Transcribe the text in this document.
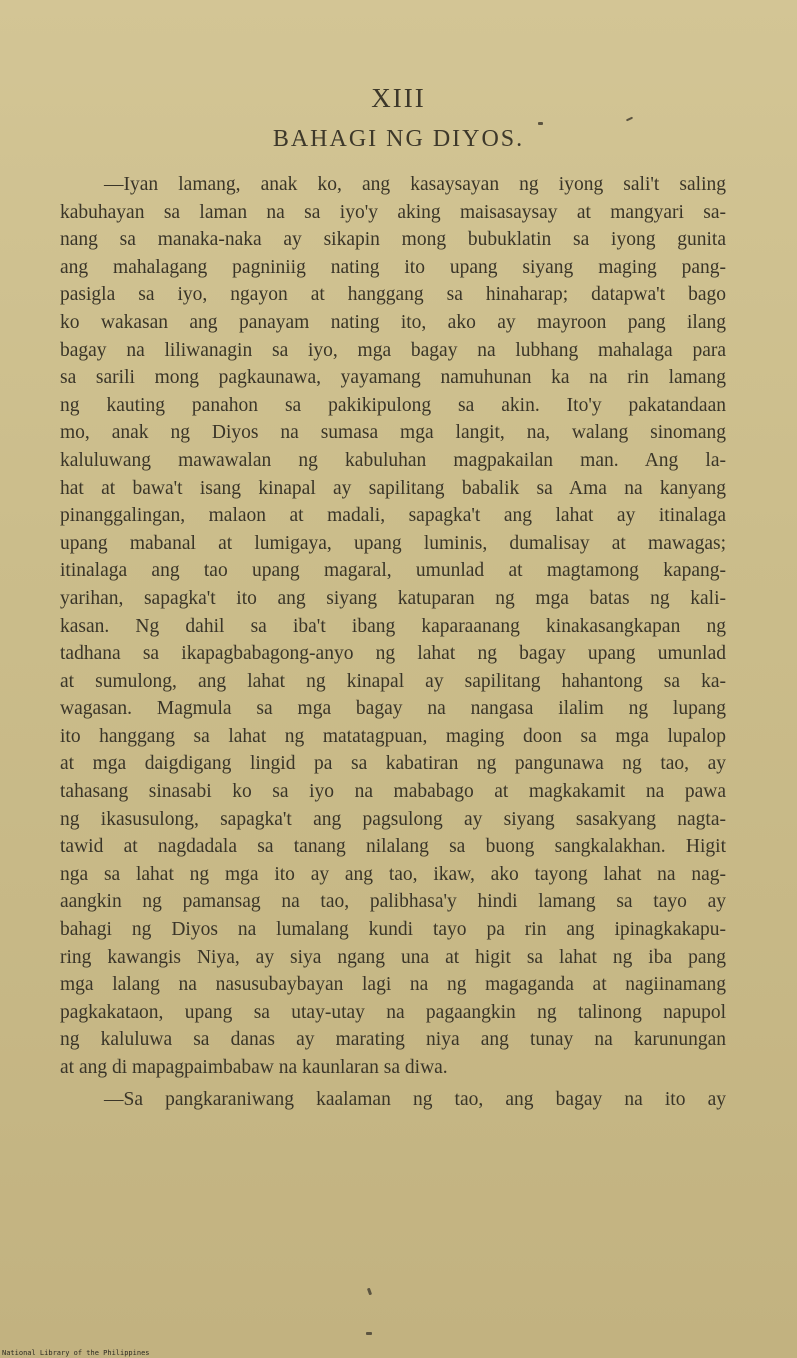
XIII
BAHAGI NG DIYOS.
—Iyan lamang, anak ko, ang kasaysayan ng iyong sali't saling
kabuhayan sa laman na sa iyo'y aking maisasaysay at mangyari sa-
nang sa manaka-naka ay sikapin mong bubuklatin sa iyong gunita
ang mahalagang pagniniig nating ito upang siyang maging pang-
pasigla sa iyo, ngayon at hanggang sa hinaharap; datapwa't bago
ko wakasan ang panayam nating ito, ako ay mayroon pang ilang
bagay na liliwanagin sa iyo, mga bagay na lubhang mahalaga para
sa sarili mong pagkaunawa, yayamang namuhunan ka na rin lamang
ng kauting panahon sa pakikipulong sa akin. Ito'y pakatandaan
mo, anak ng Diyos na sumasa mga langit, na, walang sinomang
kaluluwang mawawalan ng kabuluhan magpakailan man. Ang la-
hat at bawa't isang kinapal ay sapilitang babalik sa Ama na kanyang
pinanggalingan, malaon at madali, sapagka't ang lahat ay itinalaga
upang mabanal at lumigaya, upang luminis, dumalisay at mawagas;
itinalaga ang tao upang magaral, umunlad at magtamong kapang-
yarihan, sapagka't ito ang siyang katuparan ng mga batas ng kali-
kasan. Ng dahil sa iba't ibang kaparaanang kinakasangkapan ng
tadhana sa ikapagbabagong-anyo ng lahat ng bagay upang umunlad
at sumulong, ang lahat ng kinapal ay sapilitang hahantong sa ka-
wagasan. Magmula sa mga bagay na nangasa ilalim ng lupang
ito hanggang sa lahat ng matatagpuan, maging doon sa mga lupalop
at mga daigdigang lingid pa sa kabatiran ng pangunawa ng tao, ay
tahasang sinasabi ko sa iyo na mababago at magkakamit na pawa
ng ikasusulong, sapagka't ang pagsulong ay siyang sasakyang nagta-
tawid at nagdadala sa tanang nilalang sa buong sangkalakhan. Higit
nga sa lahat ng mga ito ay ang tao, ikaw, ako tayong lahat na nag-
aangkin ng pamansag na tao, palibhasa'y hindi lamang sa tayo ay
bahagi ng Diyos na lumalang kundi tayo pa rin ang ipinagkakapu-
ring kawangis Niya, ay siya ngang una at higit sa lahat ng iba pang
mga lalang na nasusubaybayan lagi na ng magaganda at nagiinamang
pagkakataon, upang sa utay-utay na pagaangkin ng talinong napupol
ng kaluluwa sa danas ay marating niya ang tunay na karunungan
at ang di mapagpaimbabaw na kaunlaran sa diwa.
—Sa pangkaraniwang kaalaman ng tao, ang bagay na ito ay
National Library of the Philippines
